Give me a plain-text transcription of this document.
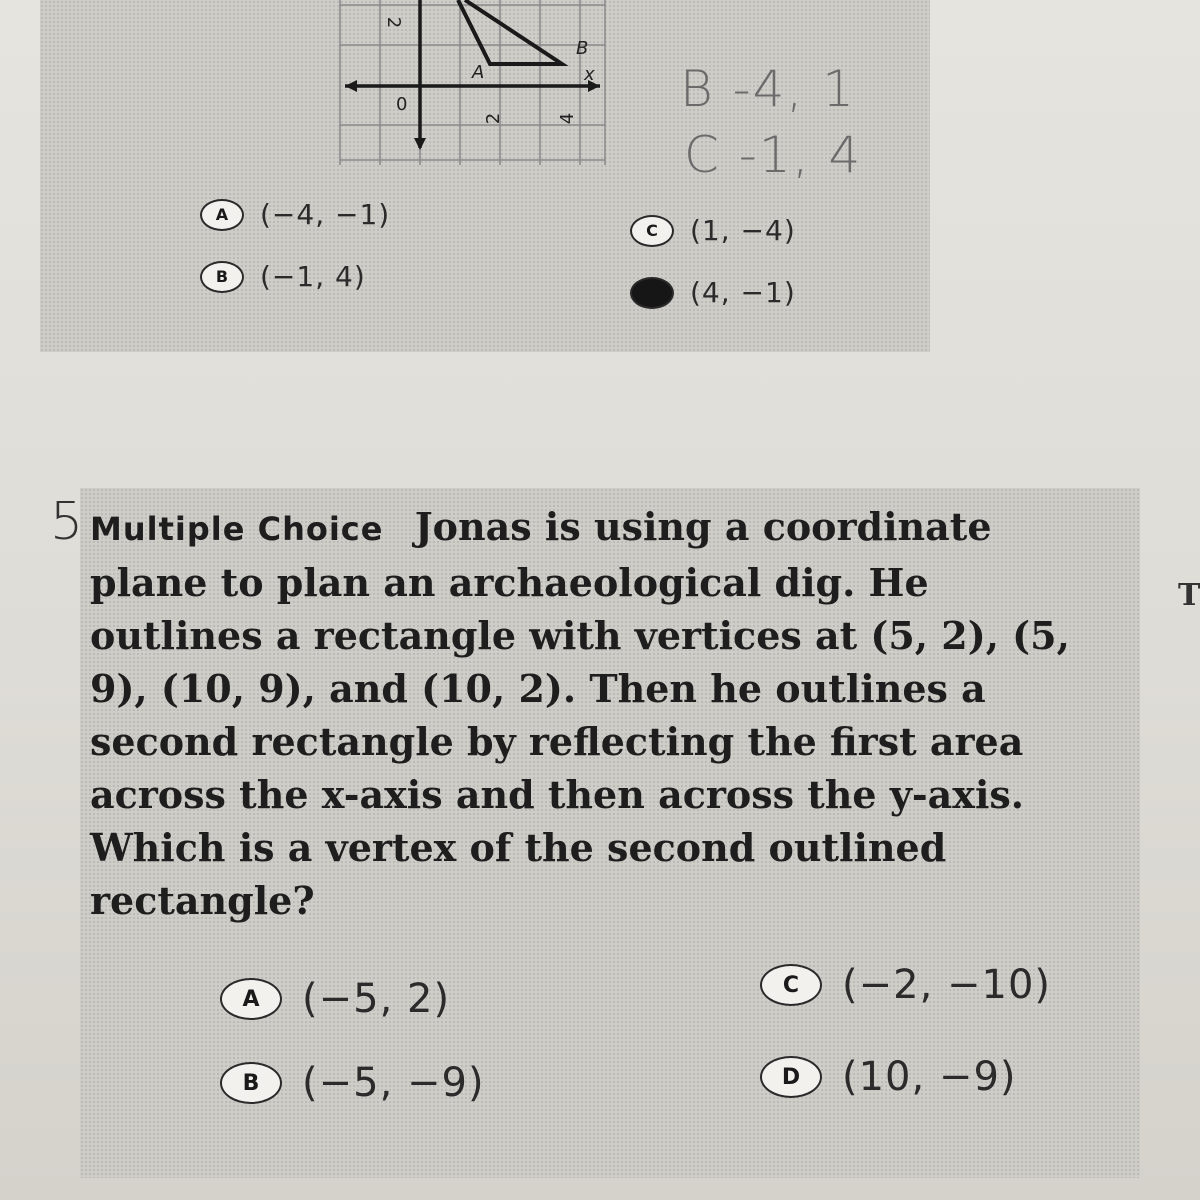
2
0
2	4
A
B
x B -4, 1
C -1, 4
A	(−4, −1)
B	(−1, 4)
C	(1, −4)
D	(4, −1)
5 Multiple Choice Jonas is using a coordinate plane to plan an archaeological dig. He outlines a rectangle with vertices at (5, 2), (5, 9), (10, 9), and (10, 2). Then he outlines a second rectangle by reflecting the first area across the x-axis and then across the y-axis. Which is a vertex of the second outlined rectangle?
A	(−5, 2)
B	(−5, −9)
C	(−2, −10)
D	(10, −9)
T
